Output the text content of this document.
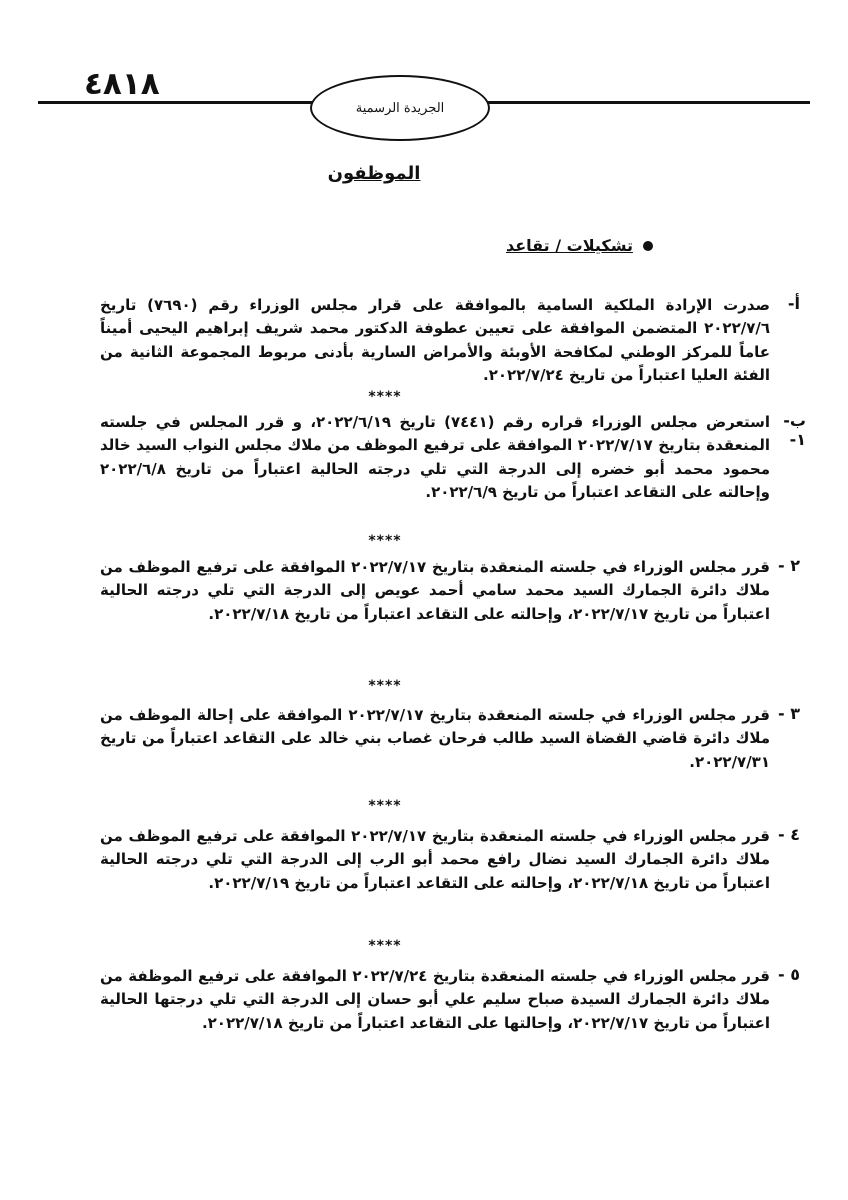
٤٨١٨
الجريدة الرسمية
الموظفون
تشكيلات / تقاعد
أ-

صدرت الإرادة الملكية السامية بالموافقة على قرار مجلس الوزراء رقم (٧٦٩٠) تاريخ ٢٠٢٢/٧/٦ المتضمن الموافقة على تعيين عطوفة الدكتور محمد شريف إبراهيم اليحيى أميناً عاماً للمركز الوطني لمكافحة الأوبئة والأمراض السارية بأدنى مربوط المجموعة الثانية من الفئة العليا اعتباراً من تاريخ ٢٠٢٢/٧/٢٤.

****
ب- ١-

استعرض مجلس الوزراء قراره رقم (٧٤٤١) تاريخ ٢٠٢٢/٦/١٩، و قرر المجلس في جلسته المنعقدة بتاريخ ٢٠٢٢/٧/١٧ الموافقة على ترفيع الموظف من ملاك مجلس النواب السيد خالد محمود محمد أبو خضره إلى الدرجة التي تلي درجته الحالية اعتباراً من تاريخ ٢٠٢٢/٦/٨ وإحالته على التقاعد اعتباراً من تاريخ ٢٠٢٢/٦/٩.

****
٢ -

قرر مجلس الوزراء في جلسته المنعقدة بتاريخ ٢٠٢٢/٧/١٧ الموافقة على ترفيع الموظف من ملاك دائرة الجمارك السيد محمد سامي أحمد عويص إلى الدرجة التي تلي درجته الحالية اعتباراً من تاريخ ٢٠٢٢/٧/١٧، وإحالته على التقاعد اعتباراً من تاريخ ٢٠٢٢/٧/١٨.

****
٣ -

قرر مجلس الوزراء في جلسته المنعقدة بتاريخ ٢٠٢٢/٧/١٧ الموافقة على إحالة الموظف من ملاك دائرة قاضي القضاة السيد طالب فرحان غصاب بني خالد على التقاعد اعتباراً من تاريخ ٢٠٢٢/٧/٣١.

****
٤ -

قرر مجلس الوزراء في جلسته المنعقدة بتاريخ ٢٠٢٢/٧/١٧ الموافقة على ترفيع الموظف من ملاك دائرة الجمارك السيد نضال رافع محمد أبو الرب إلى الدرجة التي تلي درجته الحالية اعتباراً من تاريخ ٢٠٢٢/٧/١٨، وإحالته على التقاعد اعتباراً من تاريخ ٢٠٢٢/٧/١٩.

****
٥ -

قرر مجلس الوزراء في جلسته المنعقدة بتاريخ ٢٠٢٢/٧/٢٤ الموافقة على ترفيع الموظفة من ملاك دائرة الجمارك السيدة صباح سليم علي أبو حسان إلى الدرجة التي تلي درجتها الحالية اعتباراً من تاريخ ٢٠٢٢/٧/١٧، وإحالتها على التقاعد اعتباراً من تاريخ ٢٠٢٢/٧/١٨.
